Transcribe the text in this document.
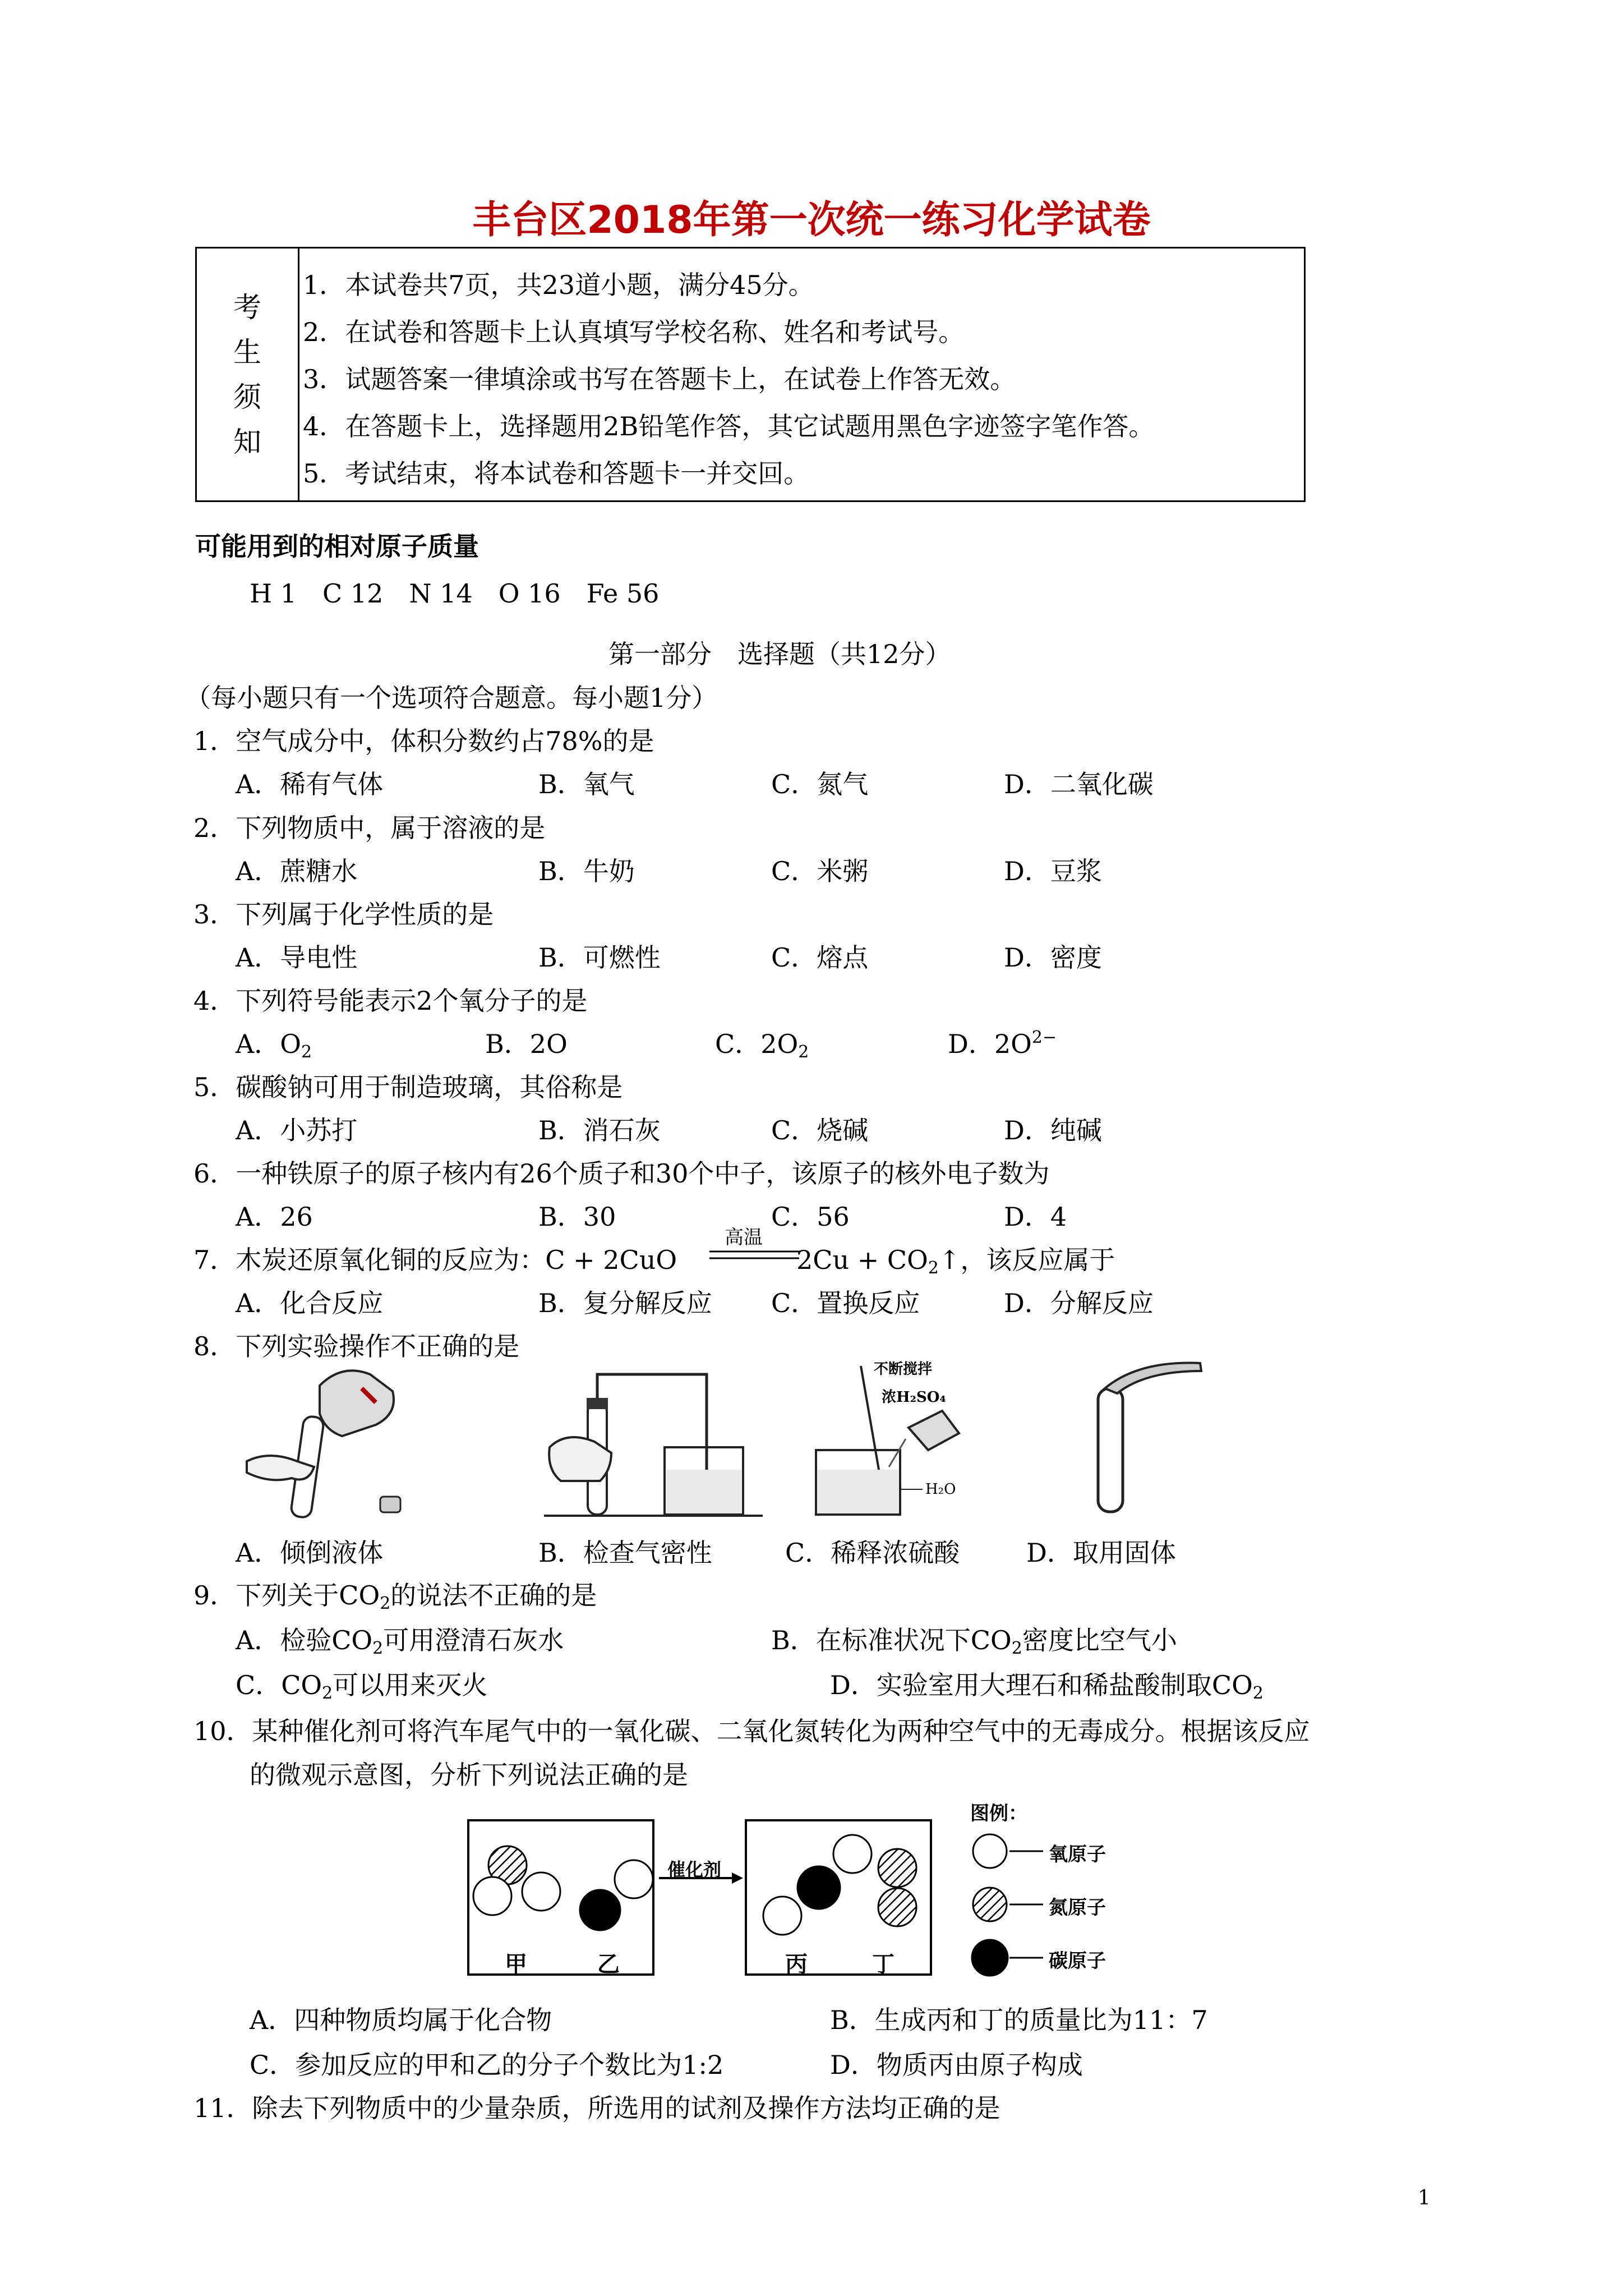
丰台区2018年第一次统一练习化学试卷
考
生
须
知
1．本试卷共7页，共23道小题，满分45分。
2．在试卷和答题卡上认真填写学校名称、姓名和考试号。
3．试题答案一律填涂或书写在答题卡上，在试卷上作答无效。
4．在答题卡上，选择题用2B铅笔作答，其它试题用黑色字迹签字笔作答。
5．考试结束，将本试卷和答题卡一并交回。
可能用到的相对原子质量
H 1　C 12　N 14　O 16　Fe 56
第一部分　选择题（共12分）
（每小题只有一个选项符合题意。每小题1分）
1．空气成分中，体积分数约占78%的是
A．稀有气体	B．氧气	C．氮气	D．二氧化碳
2．下列物质中，属于溶液的是
A．蔗糖水	B．牛奶	C．米粥	D．豆浆
3．下列属于化学性质的是
A．导电性	B．可燃性	C．熔点	D．密度
4．下列符号能表示2个氧分子的是
A．$O_2$	B．2O	C．$2O_2$	D．$2O^{2-}$
5．碳酸钠可用于制造玻璃，其俗称是
A．小苏打	B．消石灰	C．烧碱	D．纯碱
6．一种铁原子的原子核内有26个质子和30个中子，该原子的核外电子数为
A．26	B．30	C．56	D．4
7．木炭还原氧化铜的反应为：C + 2CuO
高温
$2Cu + CO_2↑$，该反应属于
A．化合反应	B．复分解反应 C．置换反应	D．分解反应
8．下列实验操作不正确的是
不断搅拌
浓H₂SO₄
H₂O
A．倾倒液体	B．检查气密性	C．稀释浓硫酸	D．取用固体
9．下列关于$CO_2$的说法不正确的是
A．检验$CO_2$可用澄清石灰水	B．在标准状况下$CO_2$密度比空气小
C．$CO_2$可以用来灭火	D．实验室用大理石和稀盐酸制取$CO_2$
10．某种催化剂可将汽车尾气中的一氧化碳、二氧化氮转化为两种空气中的无毒成分。根据该反应
的微观示意图，分析下列说法正确的是
催化剂
甲	乙	丙	丁
图例：
氧原子
氮原子
碳原子
A．四种物质均属于化合物	B．生成丙和丁的质量比为11：7
C．参加反应的甲和乙的分子个数比为1:2	D．物质丙由原子构成
11．除去下列物质中的少量杂质，所选用的试剂及操作方法均正确的是
1
